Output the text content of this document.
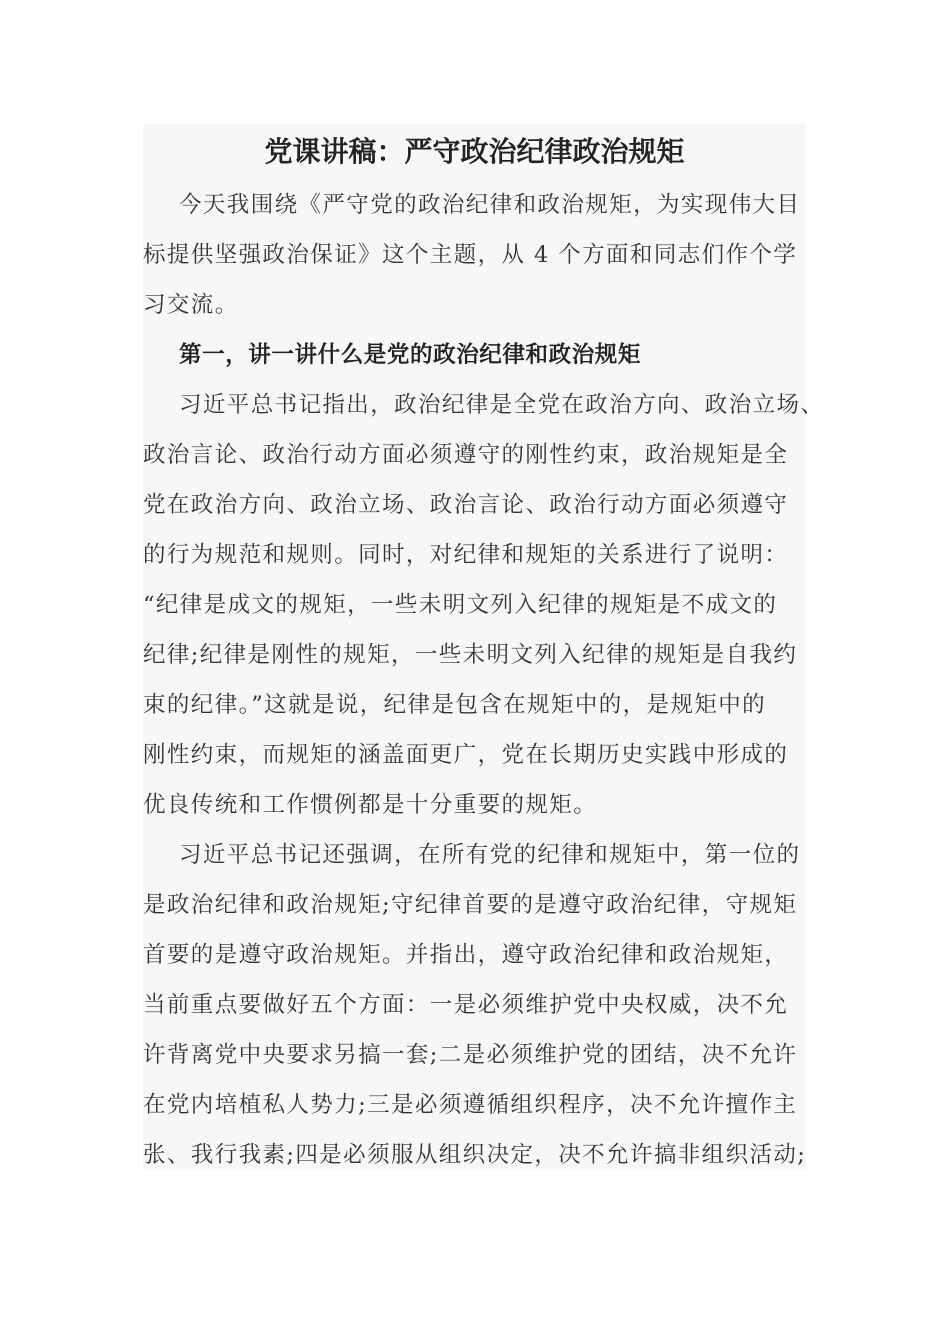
党课讲稿：严守政治纪律政治规矩
今天我围绕《严守党的政治纪律和政治规矩，为实现伟大目
标提供坚强政治保证》这个主题，从 4 个方面和同志们作个学
习交流。
第一，讲一讲什么是党的政治纪律和政治规矩
习近平总书记指出，政治纪律是全党在政治方向、政治立场、
政治言论、政治行动方面必须遵守的刚性约束，政治规矩是全
党在政治方向、政治立场、政治言论、政治行动方面必须遵守
的行为规范和规则。同时，对纪律和规矩的关系进行了说明：
“纪律是成文的规矩，一些未明文列入纪律的规矩是不成文的
纪律;纪律是刚性的规矩，一些未明文列入纪律的规矩是自我约
束的纪律。”这就是说，纪律是包含在规矩中的，是规矩中的
刚性约束，而规矩的涵盖面更广，党在长期历史实践中形成的
优良传统和工作惯例都是十分重要的规矩。
习近平总书记还强调，在所有党的纪律和规矩中，第一位的
是政治纪律和政治规矩;守纪律首要的是遵守政治纪律，守规矩
首要的是遵守政治规矩。并指出，遵守政治纪律和政治规矩，
当前重点要做好五个方面：一是必须维护党中央权威，决不允
许背离党中央要求另搞一套;二是必须维护党的团结，决不允许
在党内培植私人势力;三是必须遵循组织程序，决不允许擅作主
张、我行我素;四是必须服从组织决定，决不允许搞非组织活动;
